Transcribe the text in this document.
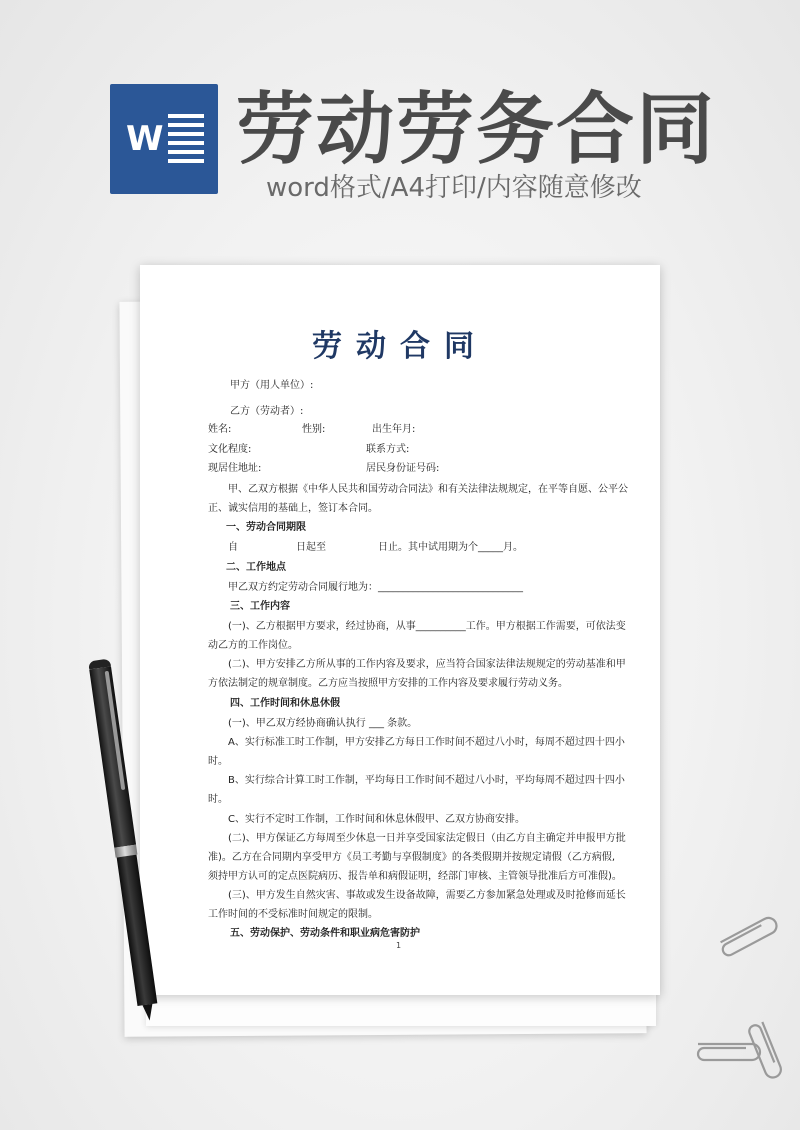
W 劳动劳务合同
word格式/A4打印/内容随意修改
劳动合同
甲方（用人单位）:
乙方（劳动者）:
姓名:	性别:	出生年月:
文化程度:	联系方式:
现居住地址:	居民身份证号码:
甲、乙双方根据《中华人民共和国劳动合同法》和有关法律法规规定，在平等自愿、公平公
正、诚实信用的基础上，签订本合同。
一、劳动合同期限
自	日起至	日止。其中试用期为个_____月。
二、工作地点
甲乙双方约定劳动合同履行地为：_____________________________
三、工作内容
(一)、乙方根据甲方要求，经过协商，从事__________工作。甲方根据工作需要，可依法变
动乙方的工作岗位。
(二)、甲方安排乙方所从事的工作内容及要求，应当符合国家法律法规规定的劳动基准和甲
方依法制定的规章制度。乙方应当按照甲方安排的工作内容及要求履行劳动义务。
四、工作时间和休息休假
(一)、甲乙双方经协商确认执行 ___ 条款。
A、实行标准工时工作制，甲方安排乙方每日工作时间不超过八小时，每周不超过四十四小
时。
B、实行综合计算工时工作制，平均每日工作时间不超过八小时，平均每周不超过四十四小
时。
C、实行不定时工作制，工作时间和休息休假甲、乙双方协商安排。
(二)、甲方保证乙方每周至少休息一日并享受国家法定假日（由乙方自主确定并申报甲方批
准)。乙方在合同期内享受甲方《员工考勤与享假制度》的各类假期并按规定请假（乙方病假,
须持甲方认可的定点医院病历、报告单和病假证明，经部门审核、主管领导批准后方可准假)。
(三)、甲方发生自然灾害、事故或发生设备故障，需要乙方参加紧急处理或及时抢修而延长
工作时间的不受标准时间规定的限制。
五、劳动保护、劳动条件和职业病危害防护
1
